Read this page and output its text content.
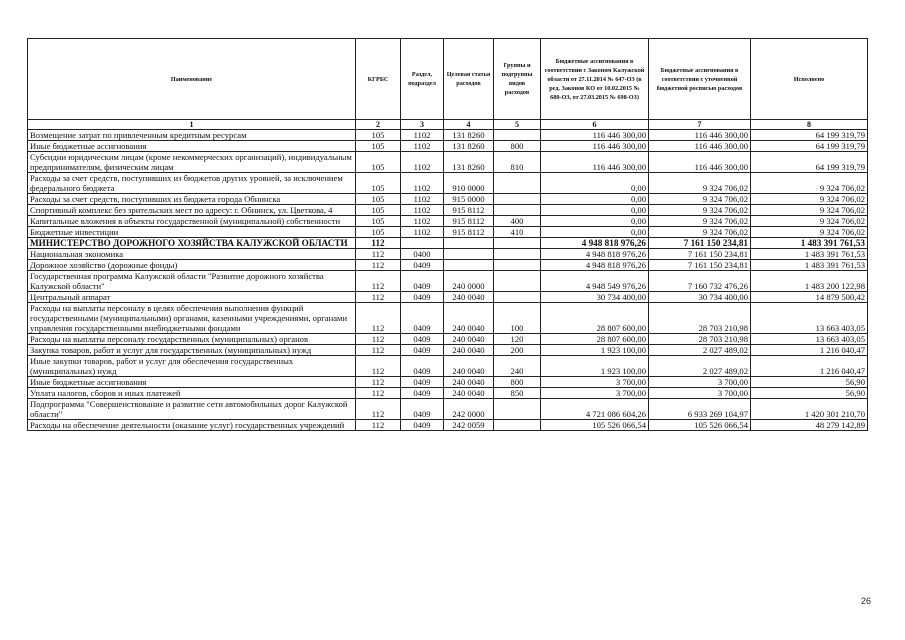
Наименование	КГРБС	Раздел, подраздел	Целевая статья расходов	Группы и подгруппы видов расходов	Бюджетные ассигнования в соответствии с Законом Калужской области от 27.11.2014 № 647-ОЗ (в ред. Законов КО от 10.02.2015 № 680-ОЗ, от 27.03.2015 № 698-ОЗ)	Бюджетные ассигнования в соответствии с уточненной бюджетной росписью расходов	Исполнено
1	2	3	4	5	6	7	8
Возмещение затрат по привлеченным кредитным ресурсам	105	1102	131 8260		116 446 300,00	116 446 300,00	64 199 319,79
Иные бюджетные ассигнования	105	1102	131 8260	800	116 446 300,00	116 446 300,00	64 199 319,79
Субсидии юридическим лицам (кроме некоммерческих организаций), индивидуальным предпринимателям, физическим лицам	105	1102	131 8260	810	116 446 300,00	116 446 300,00	64 199 319,79
Расходы за счет средств, поступивших из бюджетов других уровней, за исключением федерального бюджета	105	1102	910 0000		0,00	9 324 706,02	9 324 706,02
Расходы за счет средств, поступивших из бюджета города Обнинска	105	1102	915 0000		0,00	9 324 706,02	9 324 706,02
Спортивный комплекс без зрительских мест по адресу: г. Обнинск, ул. Цветкова, 4	105	1102	915 8112		0,00	9 324 706,02	9 324 706,02
Капитальные вложения в объекты государственной (муниципальной) собственности	105	1102	915 8112	400	0,00	9 324 706,02	9 324 706,02
Бюджетные инвестиции	105	1102	915 8112	410	0,00	9 324 706,02	9 324 706,02
МИНИСТЕРСТВО ДОРОЖНОГО ХОЗЯЙСТВА КАЛУЖСКОЙ ОБЛАСТИ	112				4 948 818 976,26	7 161 150 234,81	1 483 391 761,53
Национальная экономика	112	0400			4 948 818 976,26	7 161 150 234,81	1 483 391 761,53
Дорожное хозяйство (дорожные фонды)	112	0409			4 948 818 976,26	7 161 150 234,81	1 483 391 761,53
Государственная программа Калужской области "Развитие дорожного хозяйства Калужской области"	112	0409	240 0000		4 948 549 976,26	7 160 732 476,26	1 483 200 122,98
Центральный аппарат	112	0409	240 0040		30 734 400,00	30 734 400,00	14 879 500,42
Расходы на выплаты персоналу в целях обеспечения выполнения функций государственными (муниципальными) органами, казенными учреждениями, органами управления государственными внебюджетными фондами	112	0409	240 0040	100	28 807 600,00	28 703 210,98	13 663 403,05
Расходы на выплаты персоналу государственных (муниципальных) органов	112	0409	240 0040	120	28 807 600,00	28 703 210,98	13 663 403,05
Закупка товаров, работ и услуг для государственных (муниципальных) нужд	112	0409	240 0040	200	1 923 100,00	2 027 489,02	1 216 040,47
Иные закупки товаров, работ и услуг для обеспечения государственных (муниципальных) нужд	112	0409	240 0040	240	1 923 100,00	2 027 489,02	1 216 040,47
Иные бюджетные ассигнования	112	0409	240 0040	800	3 700,00	3 700,00	56,90
Уплата налогов, сборов и иных платежей	112	0409	240 0040	850	3 700,00	3 700,00	56,90
Подпрограмма "Совершенствование и развитие сети автомобильных дорог Калужской области"	112	0409	242 0000		4 721 086 604,26	6 933 269 104,97	1 420 301 210,70
Расходы на обеспечение деятельности (оказание услуг) государственных учреждений	112	0409	242 0059		105 526 066,54	105 526 066,54	48 279 142,89
26
